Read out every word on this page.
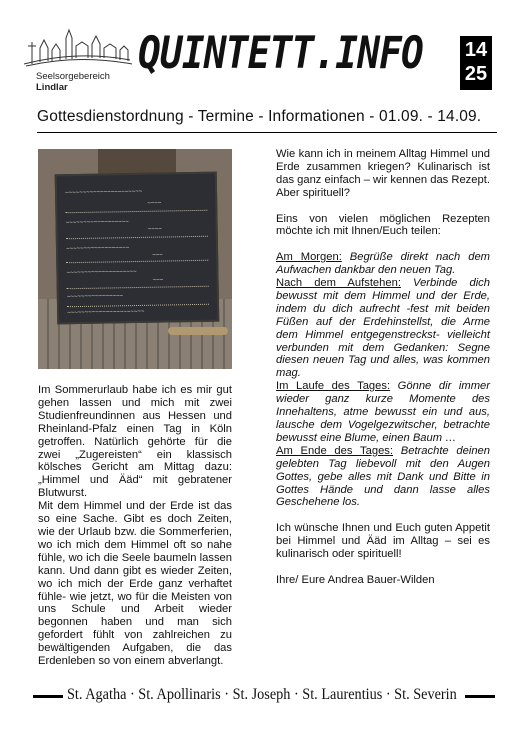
Seelsorgebereich
Lindlar
QUINTETT.INFO 14
25
Gottesdienstordnung - Termine - Informationen - 01.09. - 14.09.
~~~~~~~~~~~~~~~~~~~~~~
~~~~
~~~~~~~~~~~~~~~~~~
~~~~
~~~~~~~~~~~~~~~~~~
~~~
~~~~~~~~~~~~~~~~~~~~
~~~
~~~~~~~~~~~~~~~~
~~~~~~~~~~~~~~~~~~~~~~

Im Sommerurlaub habe ich es mir gut gehen lassen und mich mit zwei Studienfreundinnen aus Hessen und Rheinland-Pfalz einen Tag in Köln getroffen. Natürlich gehörte für die zwei „Zugereisten“ ein klassisch kölsches Gericht am Mittag dazu: „Himmel und Ääd“ mit gebratener Blutwurst.

Mit dem Himmel und der Erde ist das so eine Sache. Gibt es doch Zeiten, wie der Urlaub bzw. die Sommerferien, wo ich mich dem Himmel oft so nahe fühle, wo ich die Seele baumeln lassen kann. Und dann gibt es wieder Zeiten, wo ich mich der Erde ganz verhaftet fühle- wie jetzt, wo für die Meisten von uns Schule und Arbeit wieder begonnen haben und man sich gefordert fühlt von zahlreichen zu bewältigenden Aufgaben, die das Erdenleben so von einem abverlangt.

Wie kann ich in meinem Alltag Himmel und Erde zusammen kriegen? Kulinarisch ist das ganz einfach – wir kennen das Rezept.

Aber spirituell?

Eins von vielen möglichen Rezepten möchte ich mit Ihnen/Euch teilen:

Am Morgen: Begrüße direkt nach dem Aufwachen dankbar den neuen Tag.

Nach dem Aufstehen: Verbinde dich bewusst mit dem Himmel und der Erde, indem du dich aufrecht -fest mit beiden Füßen auf der Erdehinstellst, die Arme dem Himmel entgegenstreckst- vielleicht verbunden mit dem Gedanken: Segne diesen neuen Tag und alles, was kommen mag.

Im Laufe des Tages: Gönne dir immer wieder ganz kurze Momente des Innehaltens, atme bewusst ein und aus, lausche dem Vogelgezwitscher, betrachte bewusst eine Blume, einen Baum …

Am Ende des Tages: Betrachte deinen gelebten Tag liebevoll mit den Augen Gottes, gebe alles mit Dank und Bitte in Gottes Hände und dann lasse alles Geschehene los.

Ich wünsche Ihnen und Euch guten Appetit bei Himmel und Ääd im Alltag – sei es kulinarisch oder spirituell!

Ihre/ Eure Andrea Bauer-Wilden

St. Agatha · St. Apollinaris · St. Joseph · St. Laurentius · St. Severin
